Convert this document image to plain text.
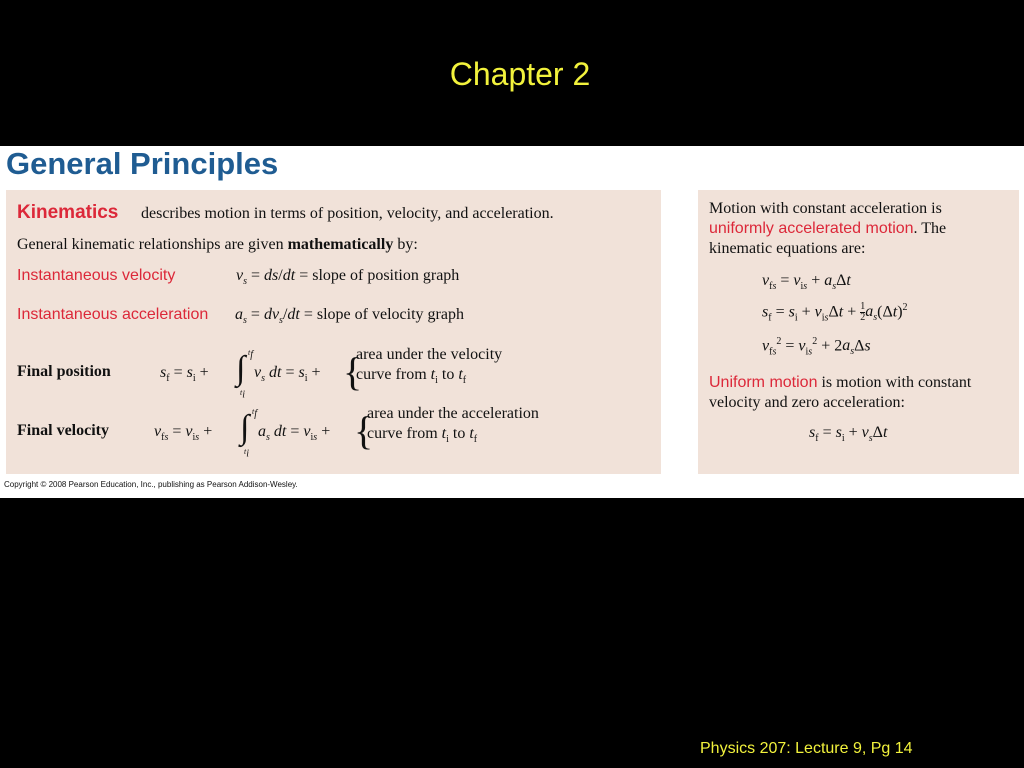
Chapter 2
General Principles
Kinematics describes motion in terms of position, velocity, and acceleration.
General kinematic relationships are given mathematically by:
Instantaneous velocity	$v_s = ds/dt$ = slope of position graph
Instantaneous acceleration $a_s = dv_s/dt$ = slope of velocity graph
Final position	$s_f = s_i$ + ∫ $t_f$
$t_i$
$v_s$ dt = $s_i$ + {
area under the velocity
curve from $t_i$ to $t_f$
Final velocity	$v_{fs} = v_{is}$ + ∫ $t_f$
$t_i$
$a_s$ dt = $v_{is}$ + {
area under the acceleration
curve from $t_i$ to $t_f$
Motion with constant acceleration is
uniformly accelerated motion. The
kinematic equations are:
$v_{fs} = v_{is} + a_s\Delta t$
$s_f = s_i + v_{is}\Delta t + \frac{1}{2} a_s(\Delta t)^2$
$v_{fs}^2 = v_{is}^2 + 2a_s\Delta s$
Uniform motion is motion with constant
velocity and zero acceleration:
$s_f = s_i + v_s\Delta t$
Copyright © 2008 Pearson Education, Inc., publishing as Pearson Addison-Wesley.
Physics 207: Lecture 9, Pg 14
